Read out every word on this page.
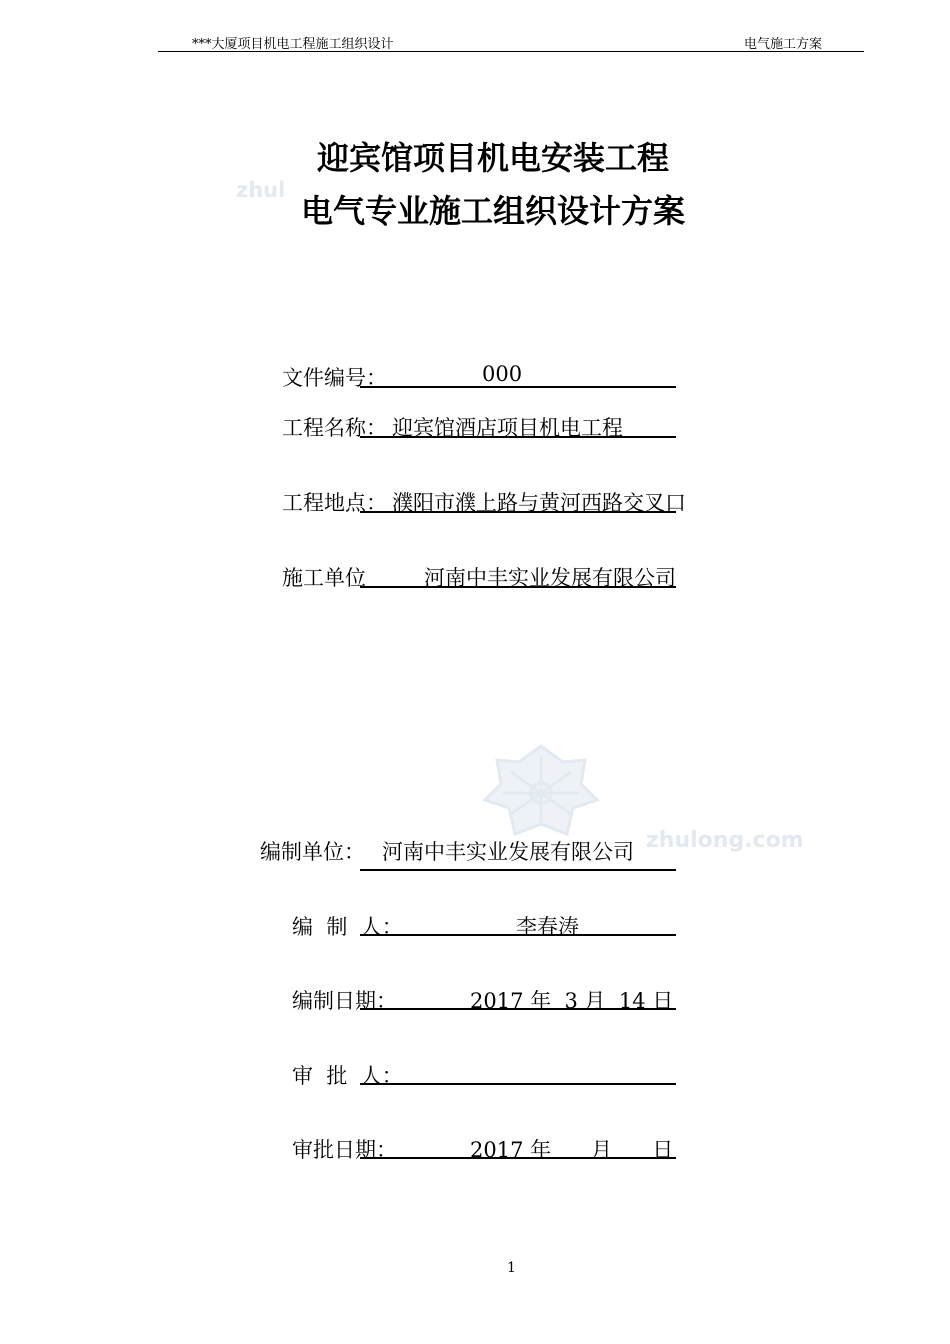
***大厦项目机电工程施工组织设计	电气施工方案
zhul
zhulong.com
迎宾馆项目机电安装工程
电气专业施工组织设计方案
文件编号：	000
工程名称： 迎宾馆酒店项目机电工程
工程地点： 濮阳市濮上路与黄河西路交叉口
施工单位	河南中丰实业发展有限公司
编制单位： 河南中丰实业发展有限公司
编  制  人：	李春涛
编制日期：	2017 年  3 月  14 日
审  批  人：
审批日期：	2017 年      月      日
1
